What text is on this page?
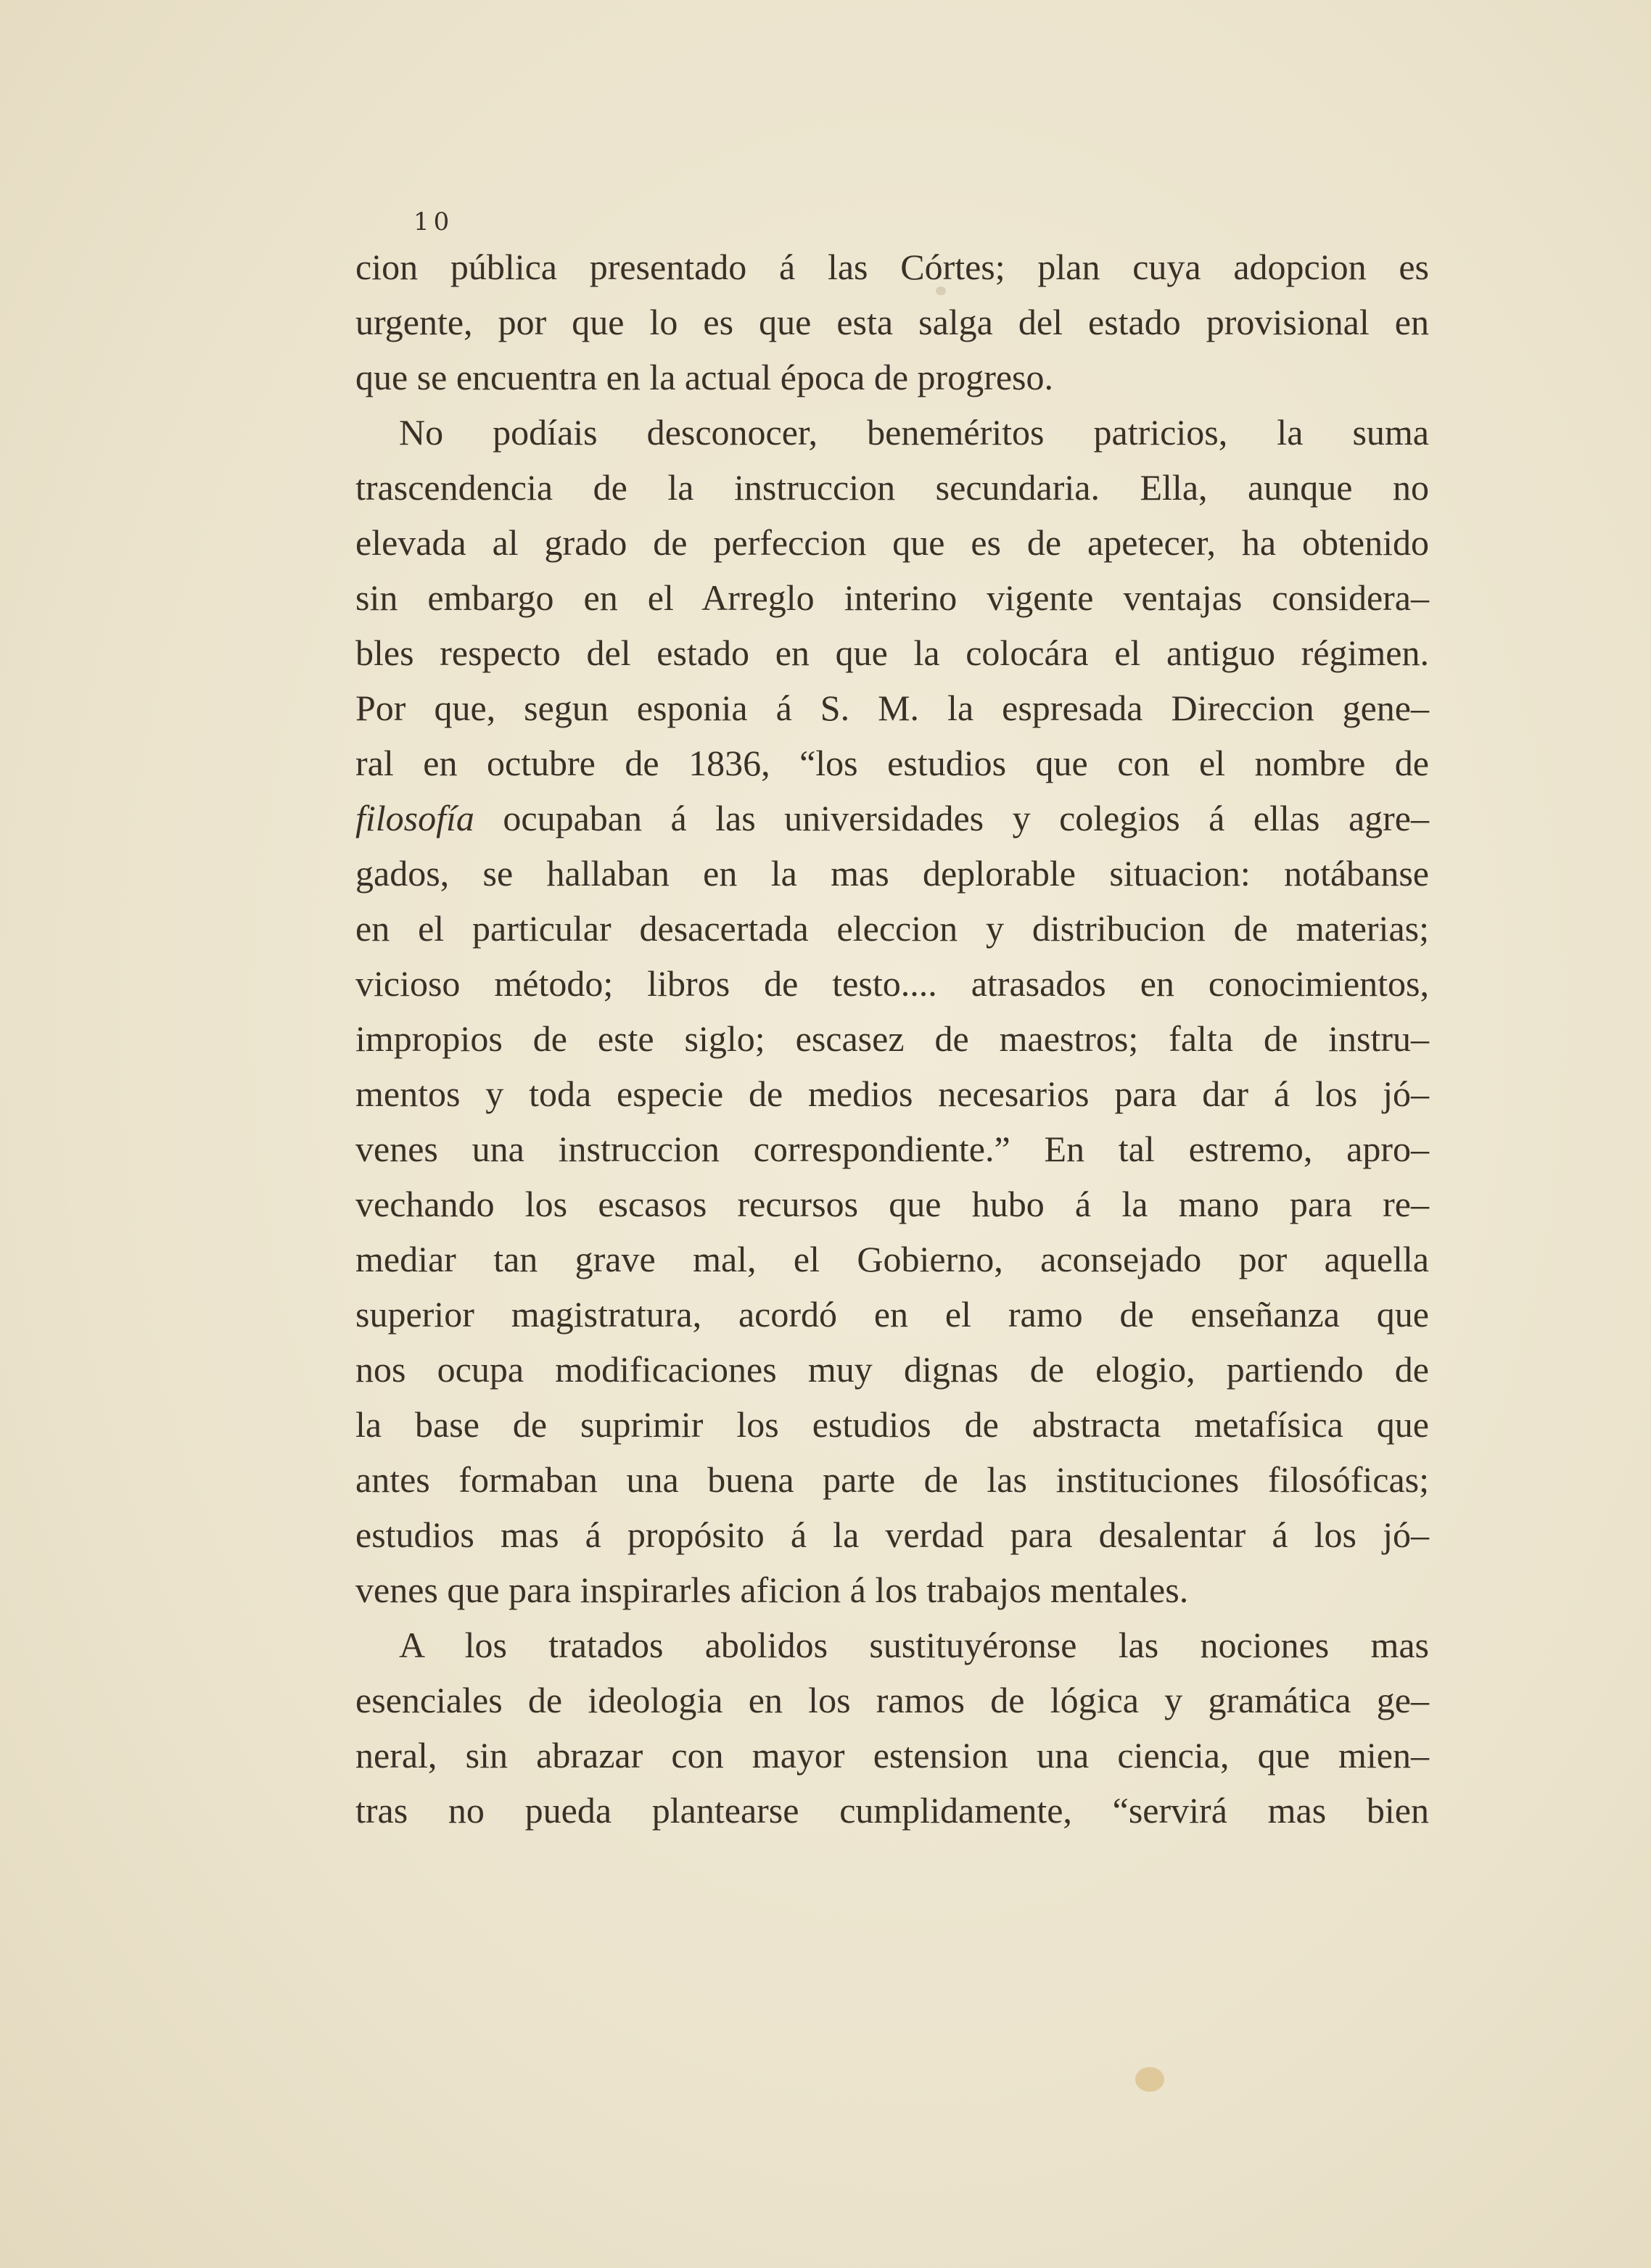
10
cion pública presentado á las Córtes; plan cuya adopcion es
urgente, por que lo es que esta salga del estado provisional en
que se encuentra en la actual época de progreso.
No podíais desconocer, beneméritos patricios, la suma
trascendencia de la instruccion secundaria. Ella, aunque no
elevada al grado de perfeccion que es de apetecer, ha obtenido
sin embargo en el Arreglo interino vigente ventajas considera–
bles respecto del estado en que la colocára el antiguo régimen.
Por que, segun esponia á S. M. la espresada Direccion gene–
ral en octubre de 1836, “los estudios que con el nombre de
filosofía ocupaban á las universidades y colegios á ellas agre–
gados, se hallaban en la mas deplorable situacion: notábanse
en el particular desacertada eleccion y distribucion de materias;
vicioso método; libros de testo.... atrasados en conocimientos,
impropios de este siglo; escasez de maestros; falta de instru–
mentos y toda especie de medios necesarios para dar á los jó–
venes una instruccion correspondiente.” En tal estremo, apro–
vechando los escasos recursos que hubo á la mano para re–
mediar tan grave mal, el Gobierno, aconsejado por aquella
superior magistratura, acordó en el ramo de enseñanza que
nos ocupa modificaciones muy dignas de elogio, partiendo de
la base de suprimir los estudios de abstracta metafísica que
antes formaban una buena parte de las instituciones filosóficas;
estudios mas á propósito á la verdad para desalentar á los jó–
venes que para inspirarles aficion á los trabajos mentales.
A los tratados abolidos sustituyéronse las nociones mas
esenciales de ideologia en los ramos de lógica y gramática ge–
neral, sin abrazar con mayor estension una ciencia, que mien–
tras no pueda plantearse cumplidamente, “servirá mas bien
